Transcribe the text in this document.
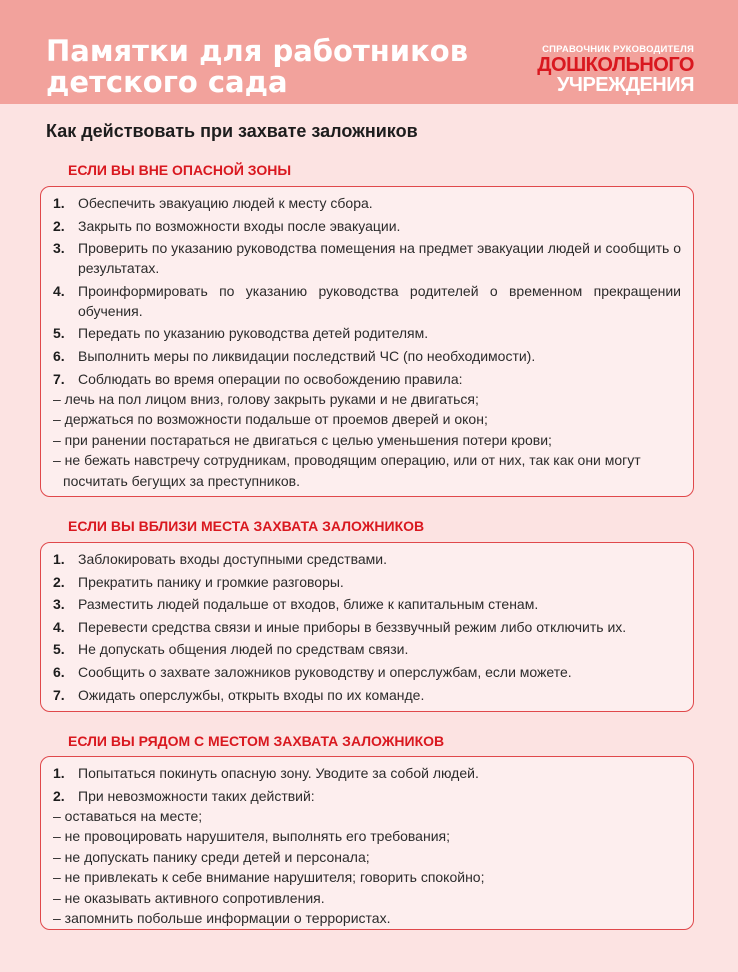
Памятки для работников
детского сада
СПРАВОЧНИК РУКОВОДИТЕЛЯ
ДОШКОЛЬНОГО
УЧРЕЖДЕНИЯ
Как действовать при захвате заложников
ЕСЛИ ВЫ ВНЕ ОПАСНОЙ ЗОНЫ
1. Обеспечить эвакуацию людей к месту сбора.
2. Закрыть по возможности входы после эвакуации.
3. Проверить по указанию руководства помещения на предмет эвакуации людей и сообщить о результатах.
4. Проинформировать по указанию руководства родителей о временном прекращении обучения.
5. Передать по указанию руководства детей родителям.
6. Выполнить меры по ликвидации последствий ЧС (по необходимости).
7. Соблюдать во время операции по освобождению правила:
– лечь на пол лицом вниз, голову закрыть руками и не двигаться;
– держаться по возможности подальше от проемов дверей и окон;
– при ранении постараться не двигаться с целью уменьшения потери крови;
– не бежать навстречу сотрудникам, проводящим операцию, или от них, так как они могут посчитать бегущих за преступников.
ЕСЛИ ВЫ ВБЛИЗИ МЕСТА ЗАХВАТА ЗАЛОЖНИКОВ
1. Заблокировать входы доступными средствами.
2. Прекратить панику и громкие разговоры.
3. Разместить людей подальше от входов, ближе к капитальным стенам.
4. Перевести средства связи и иные приборы в беззвучный режим либо отключить их.
5. Не допускать общения людей по средствам связи.
6. Сообщить о захвате заложников руководству и оперслужбам, если можете.
7. Ожидать оперслужбы, открыть входы по их команде.
ЕСЛИ ВЫ РЯДОМ С МЕСТОМ ЗАХВАТА ЗАЛОЖНИКОВ
1. Попытаться покинуть опасную зону. Уводите за собой людей.
2. При невозможности таких действий:
– оставаться на месте;
– не провоцировать нарушителя, выполнять его требования;
– не допускать панику среди детей и персонала;
– не привлекать к себе внимание нарушителя; говорить спокойно;
– не оказывать активного сопротивления.
– запомнить побольше информации о террористах.
